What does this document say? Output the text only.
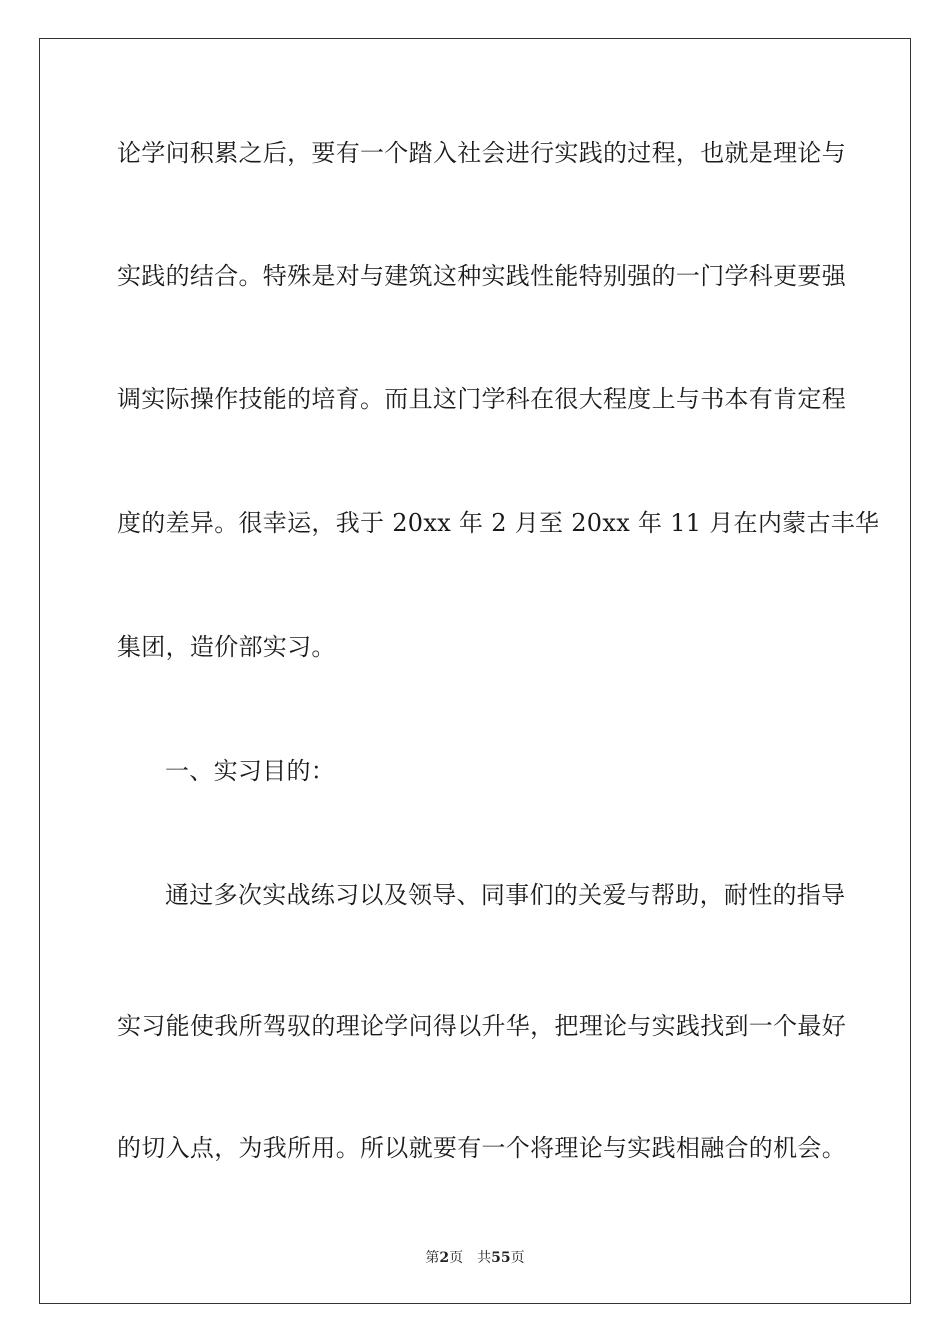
论学问积累之后，要有一个踏入社会进行实践的过程，也就是理论与
实践的结合。特殊是对与建筑这种实践性能特别强的一门学科更要强
调实际操作技能的培育。而且这门学科在很大程度上与书本有肯定程
度的差异。很幸运，我于 20xx 年 2 月至 20xx 年 11 月在内蒙古丰华
集团，造价部实习。
一、实习目的：
通过多次实战练习以及领导、同事们的关爱与帮助，耐性的指导
实习能使我所驾驭的理论学问得以升华，把理论与实践找到一个最好
的切入点，为我所用。所以就要有一个将理论与实践相融合的机会。
第2页 共55页
